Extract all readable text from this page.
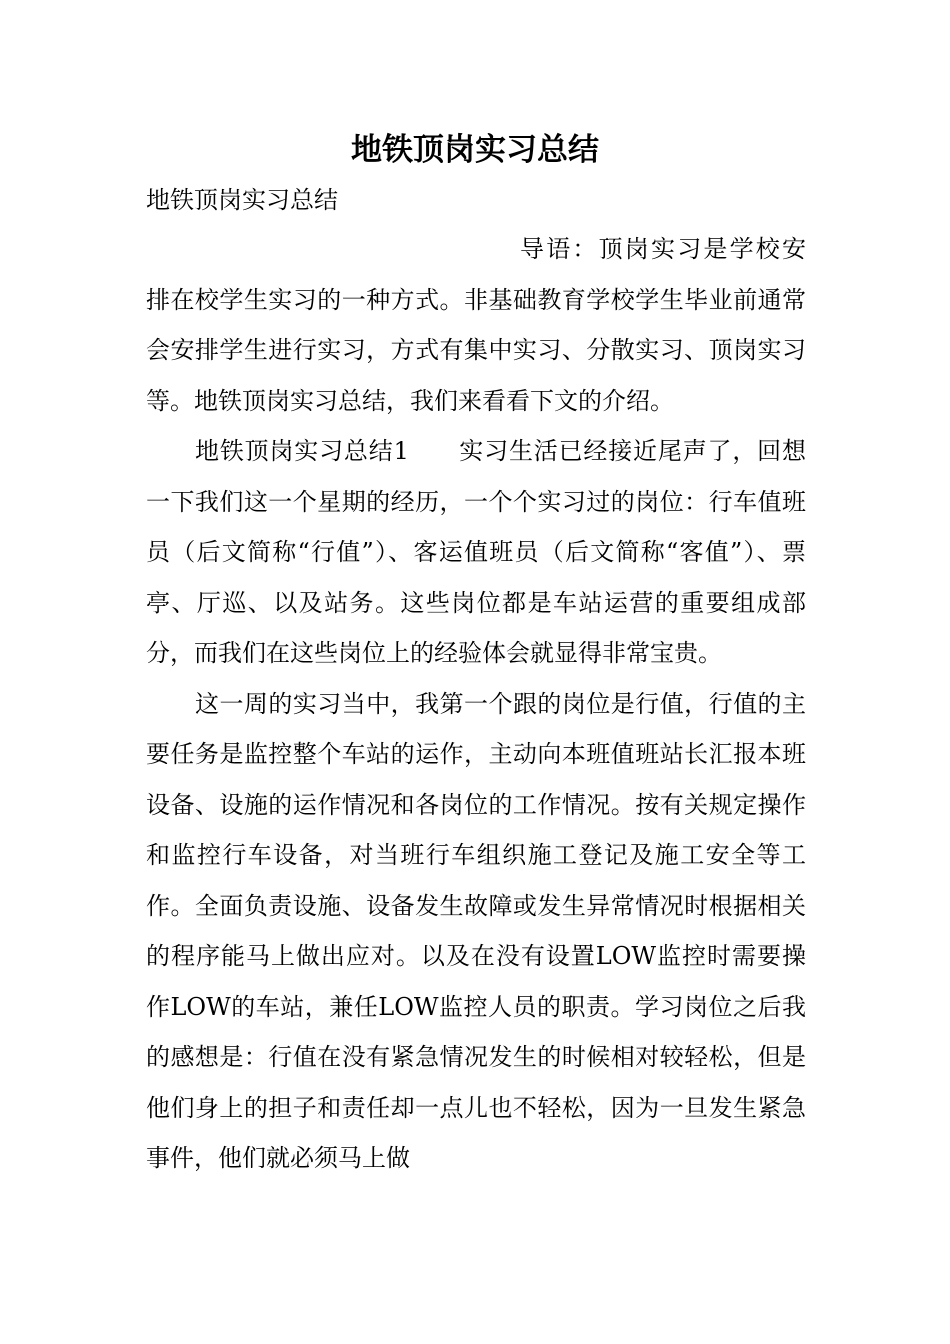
地铁顶岗实习总结

地铁顶岗实习总结

导语：顶岗实习是学校安排在校学生实习的一种方式。非基础教育学校学生毕业前通常会安排学生进行实习，方式有集中实习、分散实习、顶岗实习等。地铁顶岗实习总结，我们来看看下文的介绍。

地铁顶岗实习总结1　　实习生活已经接近尾声了，回想一下我们这一个星期的经历，一个个实习过的岗位：行车值班员（后文简称“行值”）、客运值班员（后文简称“客值”）、票亭、厅巡、以及站务。这些岗位都是车站运营的重要组成部分，而我们在这些岗位上的经验体会就显得非常宝贵。

这一周的实习当中，我第一个跟的岗位是行值，行值的主要任务是监控整个车站的运作，主动向本班值班站长汇报本班设备、设施的运作情况和各岗位的工作情况。按有关规定操作和监控行车设备，对当班行车组织施工登记及施工安全等工作。全面负责设施、设备发生故障或发生异常情况时根据相关的程序能马上做出应对。以及在没有设置LOW监控时需要操作LOW的车站，兼任LOW监控人员的职责。学习岗位之后我的感想是：行值在没有紧急情况发生的时候相对较轻松，但是他们身上的担子和责任却一点儿也不轻松，因为一旦发生紧急事件，他们就必须马上做
